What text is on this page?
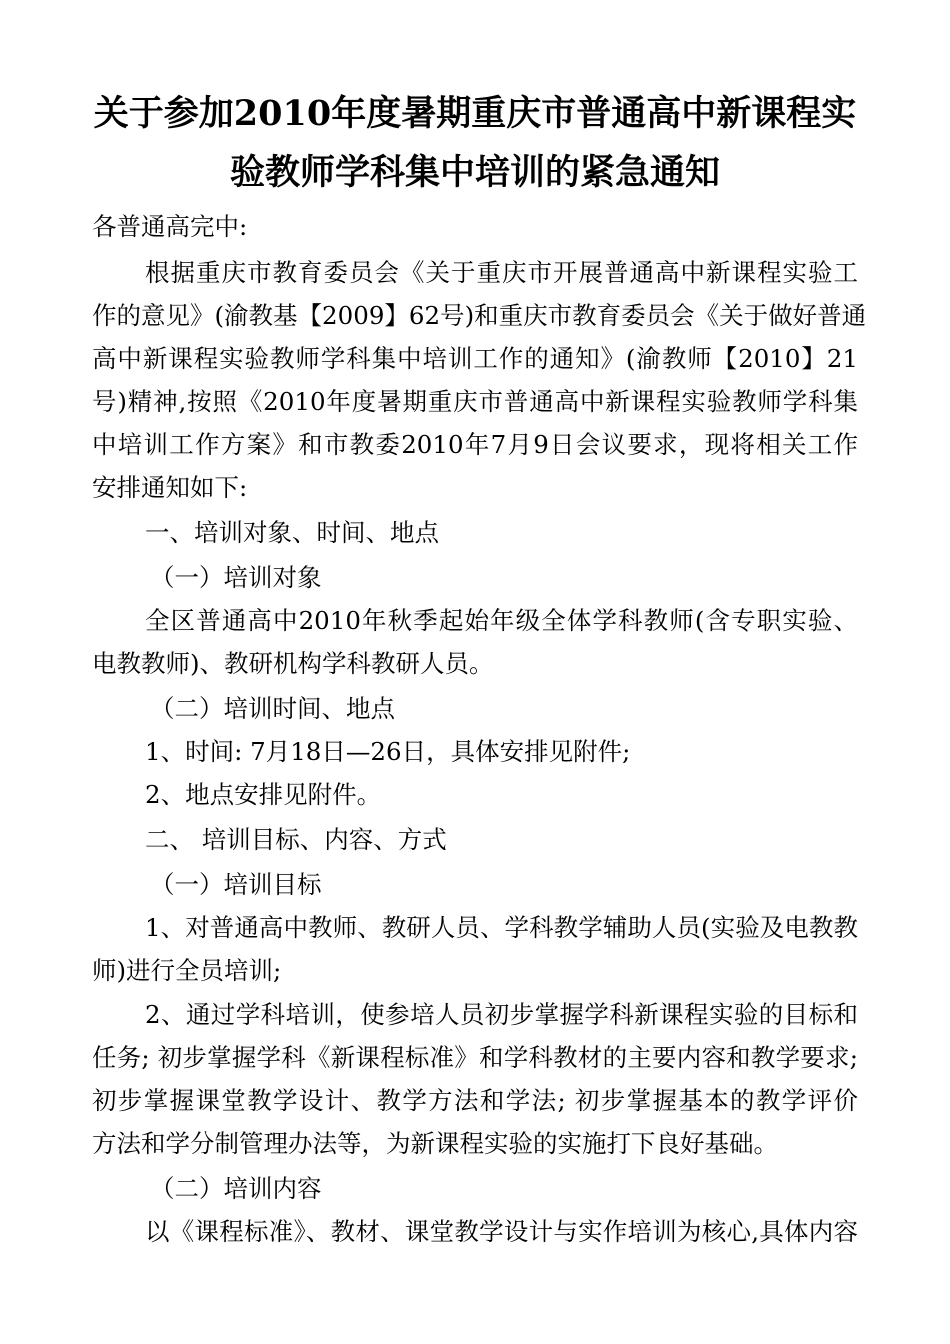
关于参加2010年度暑期重庆市普通高中新课程实
验教师学科集中培训的紧急通知
各普通高完中:
根据重庆市教育委员会《关于重庆市开展普通高中新课程实验工
作的意见》(渝教基【2009】62号)和重庆市教育委员会《关于做好普通
高中新课程实验教师学科集中培训工作的通知》(渝教师【2010】21
号)精神,按照《2010年度暑期重庆市普通高中新课程实验教师学科集
中培训工作方案》和市教委2010年7月9日会议要求，现将相关工作
安排通知如下:
一、培训对象、时间、地点
（一）培训对象
全区普通高中2010年秋季起始年级全体学科教师(含专职实验、
电教教师)、教研机构学科教研人员。
（二）培训时间、地点
1、时间: 7月18日—26日，具体安排见附件;
2、地点安排见附件。
二、 培训目标、内容、方式
（一）培训目标
1、对普通高中教师、教研人员、学科教学辅助人员(实验及电教教
师)进行全员培训;
2、通过学科培训，使参培人员初步掌握学科新课程实验的目标和
任务; 初步掌握学科《新课程标准》和学科教材的主要内容和教学要求;
初步掌握课堂教学设计、教学方法和学法; 初步掌握基本的教学评价
方法和学分制管理办法等，为新课程实验的实施打下良好基础。
（二）培训内容
以《课程标准》、教材、课堂教学设计与实作培训为核心,具体内容
